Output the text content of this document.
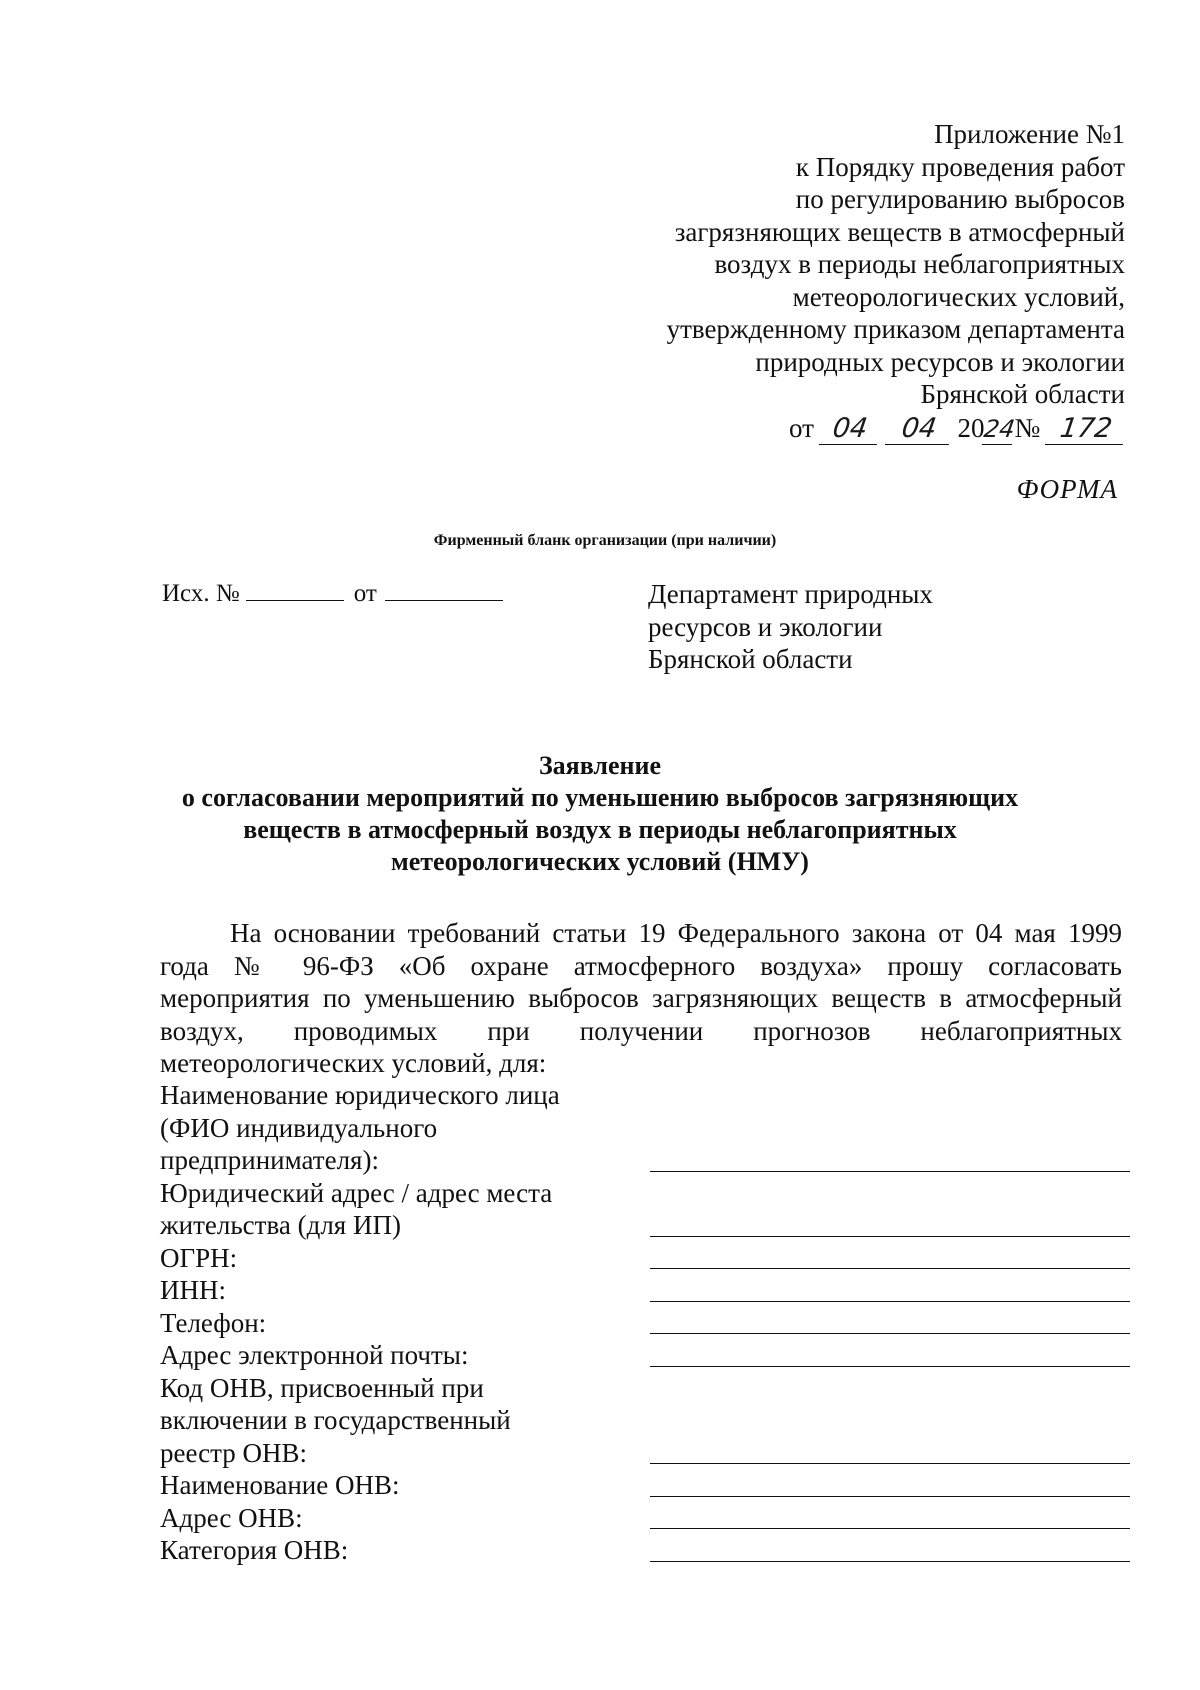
Приложение №1
к Порядку проведения работ
по регулированию выбросов
загрязняющих веществ в атмосферный
воздух в периоды неблагоприятных
метеорологических условий,
утвержденному приказом департамента
природных ресурсов и экологии
Брянской области
от 04 04 2024№ 172
ФОРМА
Фирменный бланк организации (при наличии)
Исх. №	от	Департамент природных
ресурсов и экологии
Брянской области
Заявление
о согласовании мероприятий по уменьшению выбросов загрязняющих
веществ в атмосферный воздух в периоды неблагоприятных
метеорологических условий (НМУ)
На основании требований статьи 19 Федерального закона от 04 мая 1999
года № 96-ФЗ «Об охране атмосферного воздуха» прошу согласовать
мероприятия по уменьшению выбросов загрязняющих веществ в атмосферный
воздух, проводимых при получении прогнозов неблагоприятных
метеорологических условий, для:
Наименование юридического лица
(ФИО индивидуального
предпринимателя):
Юридический адрес / адрес места
жительства (для ИП)
ОГРН:
ИНН:
Телефон:
Адрес электронной почты:
Код ОНВ, присвоенный при
включении в государственный
реестр ОНВ:
Наименование ОНВ:
Адрес ОНВ:
Категория ОНВ:
